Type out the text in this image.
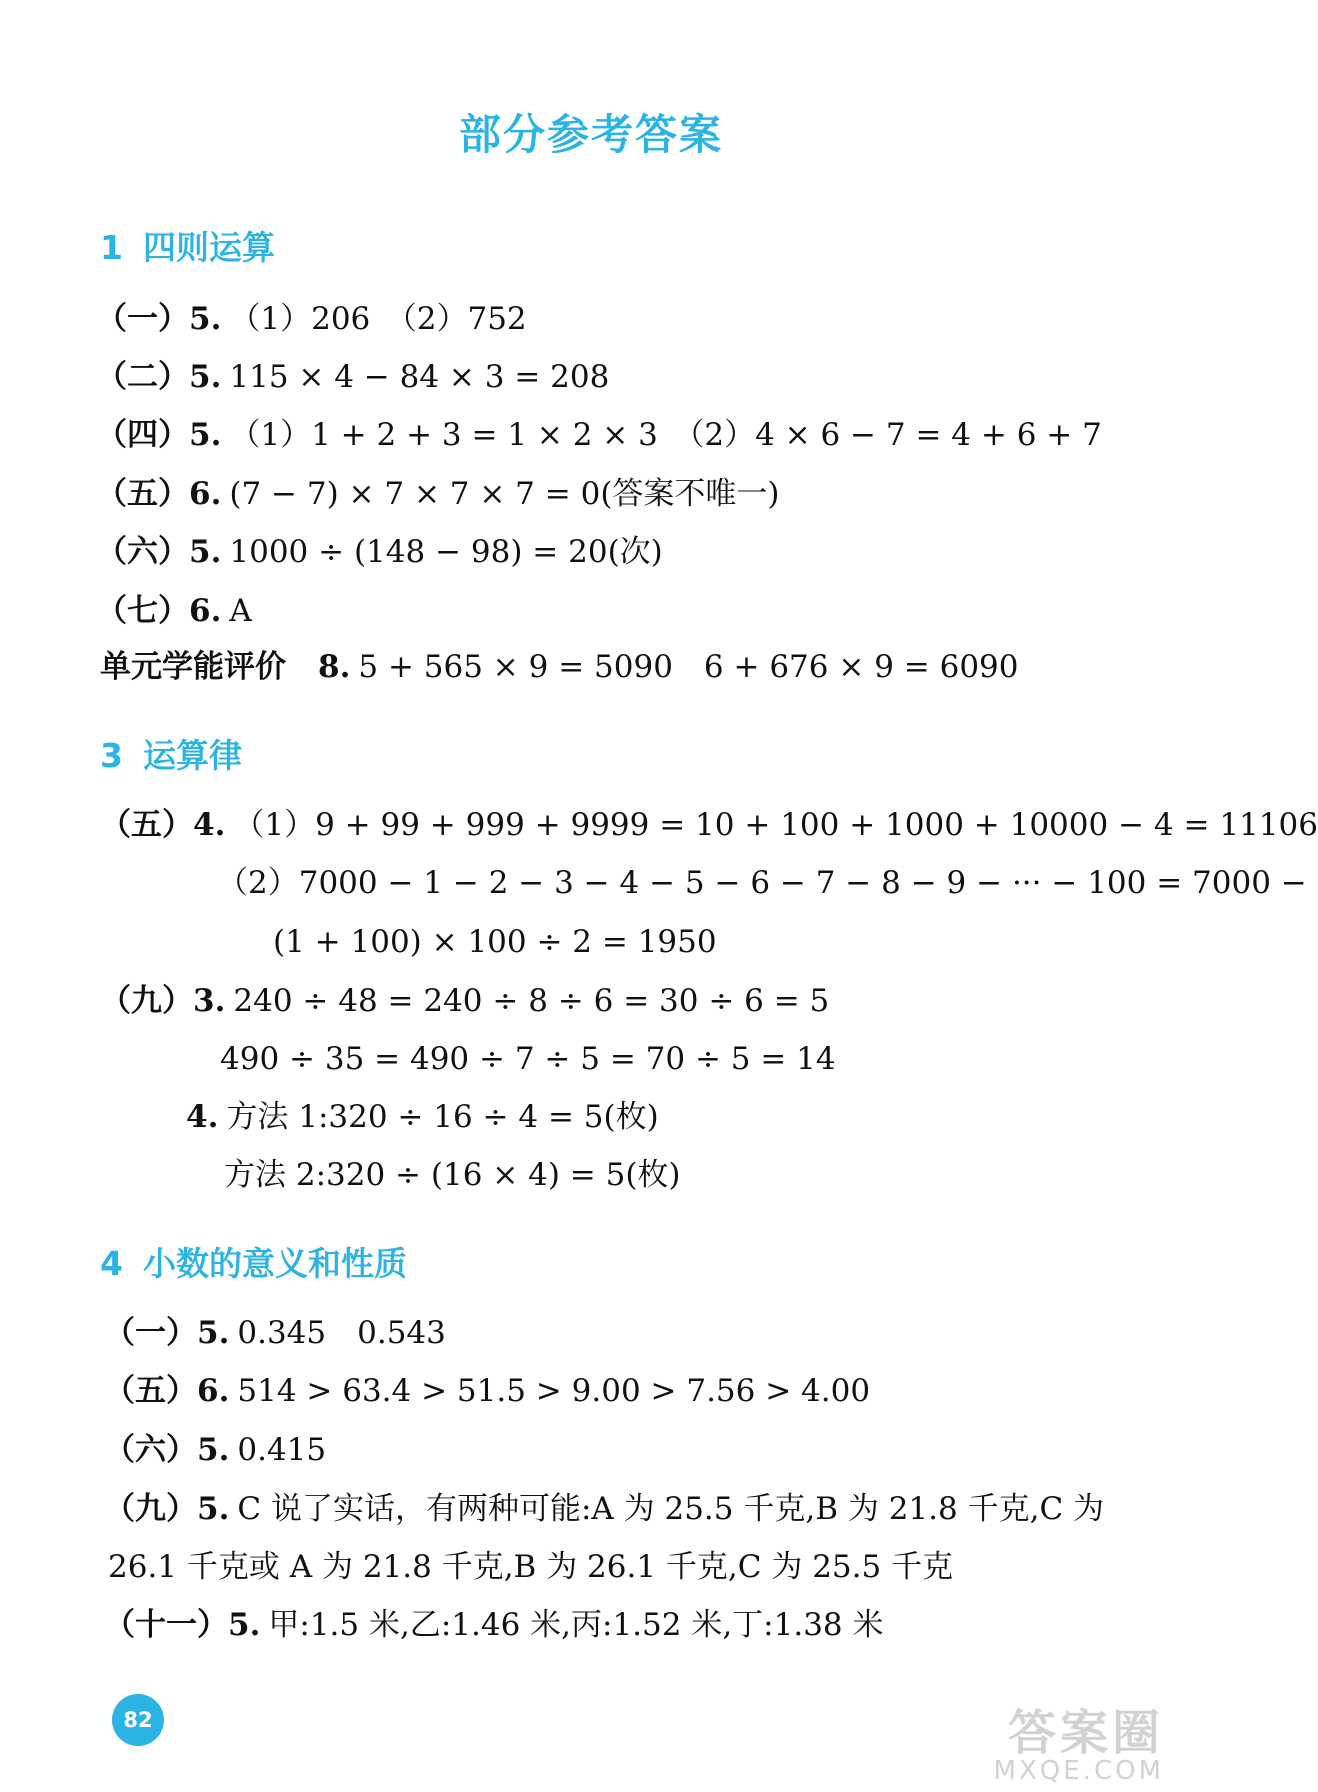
部分参考答案
1 四则运算
（一）5. （1）206　（2）752
（二）5. 115 × 4 − 84 × 3 = 208
（四）5. （1）1 + 2 + 3 = 1 × 2 × 3　（2）4 × 6 − 7 = 4 + 6 + 7
（五）6. (7 − 7) × 7 × 7 × 7 = 0(答案不唯一)
（六）5. 1000 ÷ (148 − 98) = 20(次)
（七）6. A
单元学能评价 8. 5 + 565 × 9 = 5090　6 + 676 × 9 = 6090
3 运算律
（五）4. （1）9 + 99 + 999 + 9999 = 10 + 100 + 1000 + 10000 − 4 = 11106
（2）7000 − 1 − 2 − 3 − 4 − 5 − 6 − 7 − 8 − 9 − ··· − 100 = 7000 −
(1 + 100) × 100 ÷ 2 = 1950
（九）3. 240 ÷ 48 = 240 ÷ 8 ÷ 6 = 30 ÷ 6 = 5
490 ÷ 35 = 490 ÷ 7 ÷ 5 = 70 ÷ 5 = 14
4. 方法 1:320 ÷ 16 ÷ 4 = 5(枚)
方法 2:320 ÷ (16 × 4) = 5(枚)
4 小数的意义和性质
（一）5. 0.345　0.543
（五）6. 514 > 63.4 > 51.5 > 9.00 > 7.56 > 4.00
（六）5. 0.415
（九）5. C 说了实话，有两种可能:A 为 25.5 千克,B 为 21.8 千克,C 为
26.1 千克或 A 为 21.8 千克,B 为 26.1 千克,C 为 25.5 千克
（十一）5. 甲:1.5 米,乙:1.46 米,丙:1.52 米,丁:1.38 米
82	答案圈
MXQE.COM
